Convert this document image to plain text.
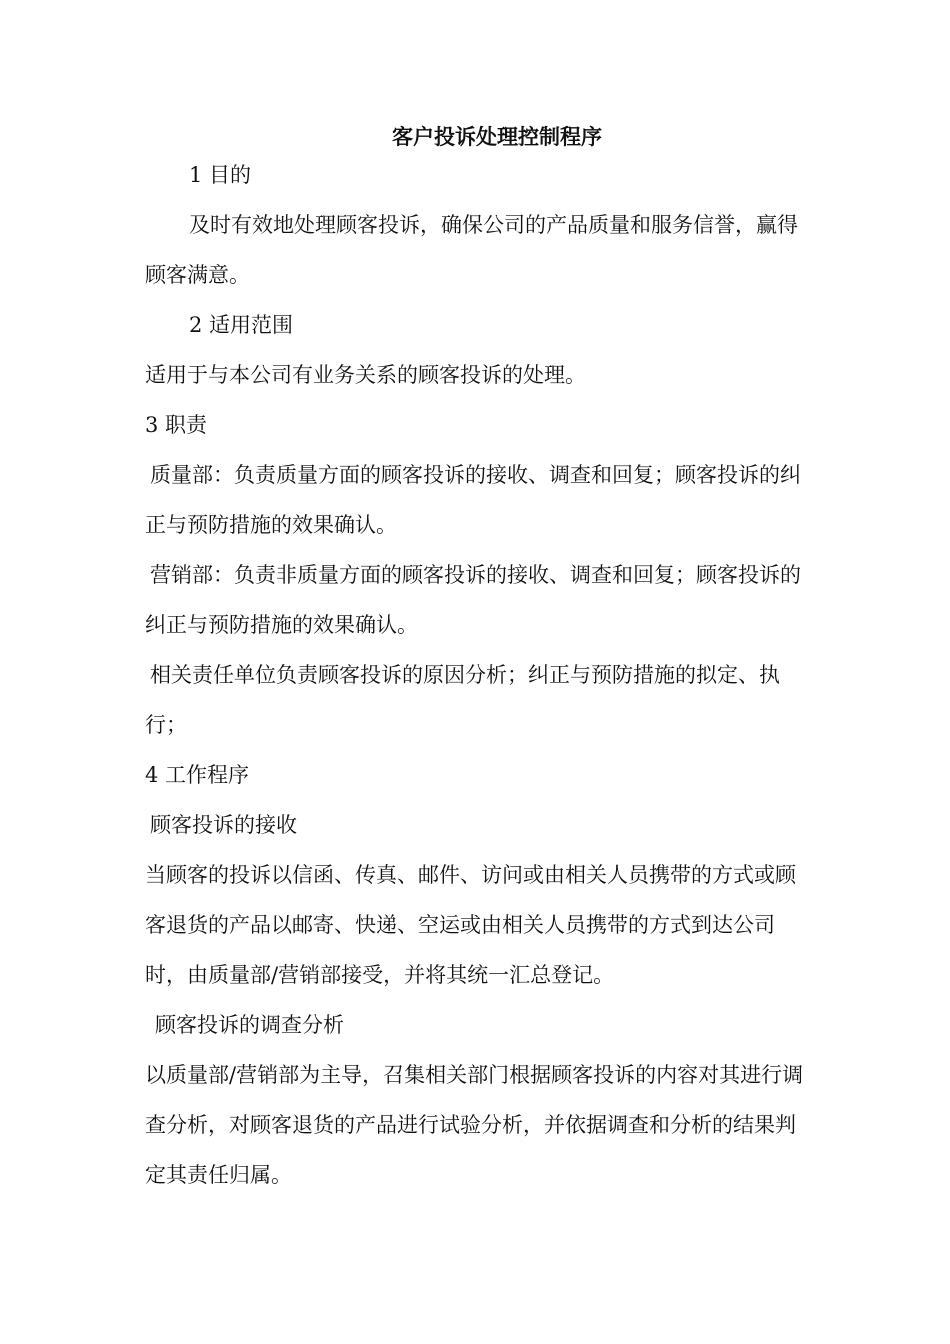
客户投诉处理控制程序

1 目的

及时有效地处理顾客投诉，确保公司的产品质量和服务信誉，赢得顾客满意。

2 适用范围

适用于与本公司有业务关系的顾客投诉的处理。

3 职责

质量部：负责质量方面的顾客投诉的接收、调查和回复；顾客投诉的纠正与预防措施的效果确认。

营销部：负责非质量方面的顾客投诉的接收、调查和回复；顾客投诉的纠正与预防措施的效果确认。

相关责任单位负责顾客投诉的原因分析；纠正与预防措施的拟定、执行；

4 工作程序

顾客投诉的接收

当顾客的投诉以信函、传真、邮件、访问或由相关人员携带的方式或顾客退货的产品以邮寄、快递、空运或由相关人员携带的方式到达公司时，由质量部/营销部接受，并将其统一汇总登记。

顾客投诉的调查分析

以质量部/营销部为主导，召集相关部门根据顾客投诉的内容对其进行调查分析，对顾客退货的产品进行试验分析，并依据调查和分析的结果判定其责任归属。
